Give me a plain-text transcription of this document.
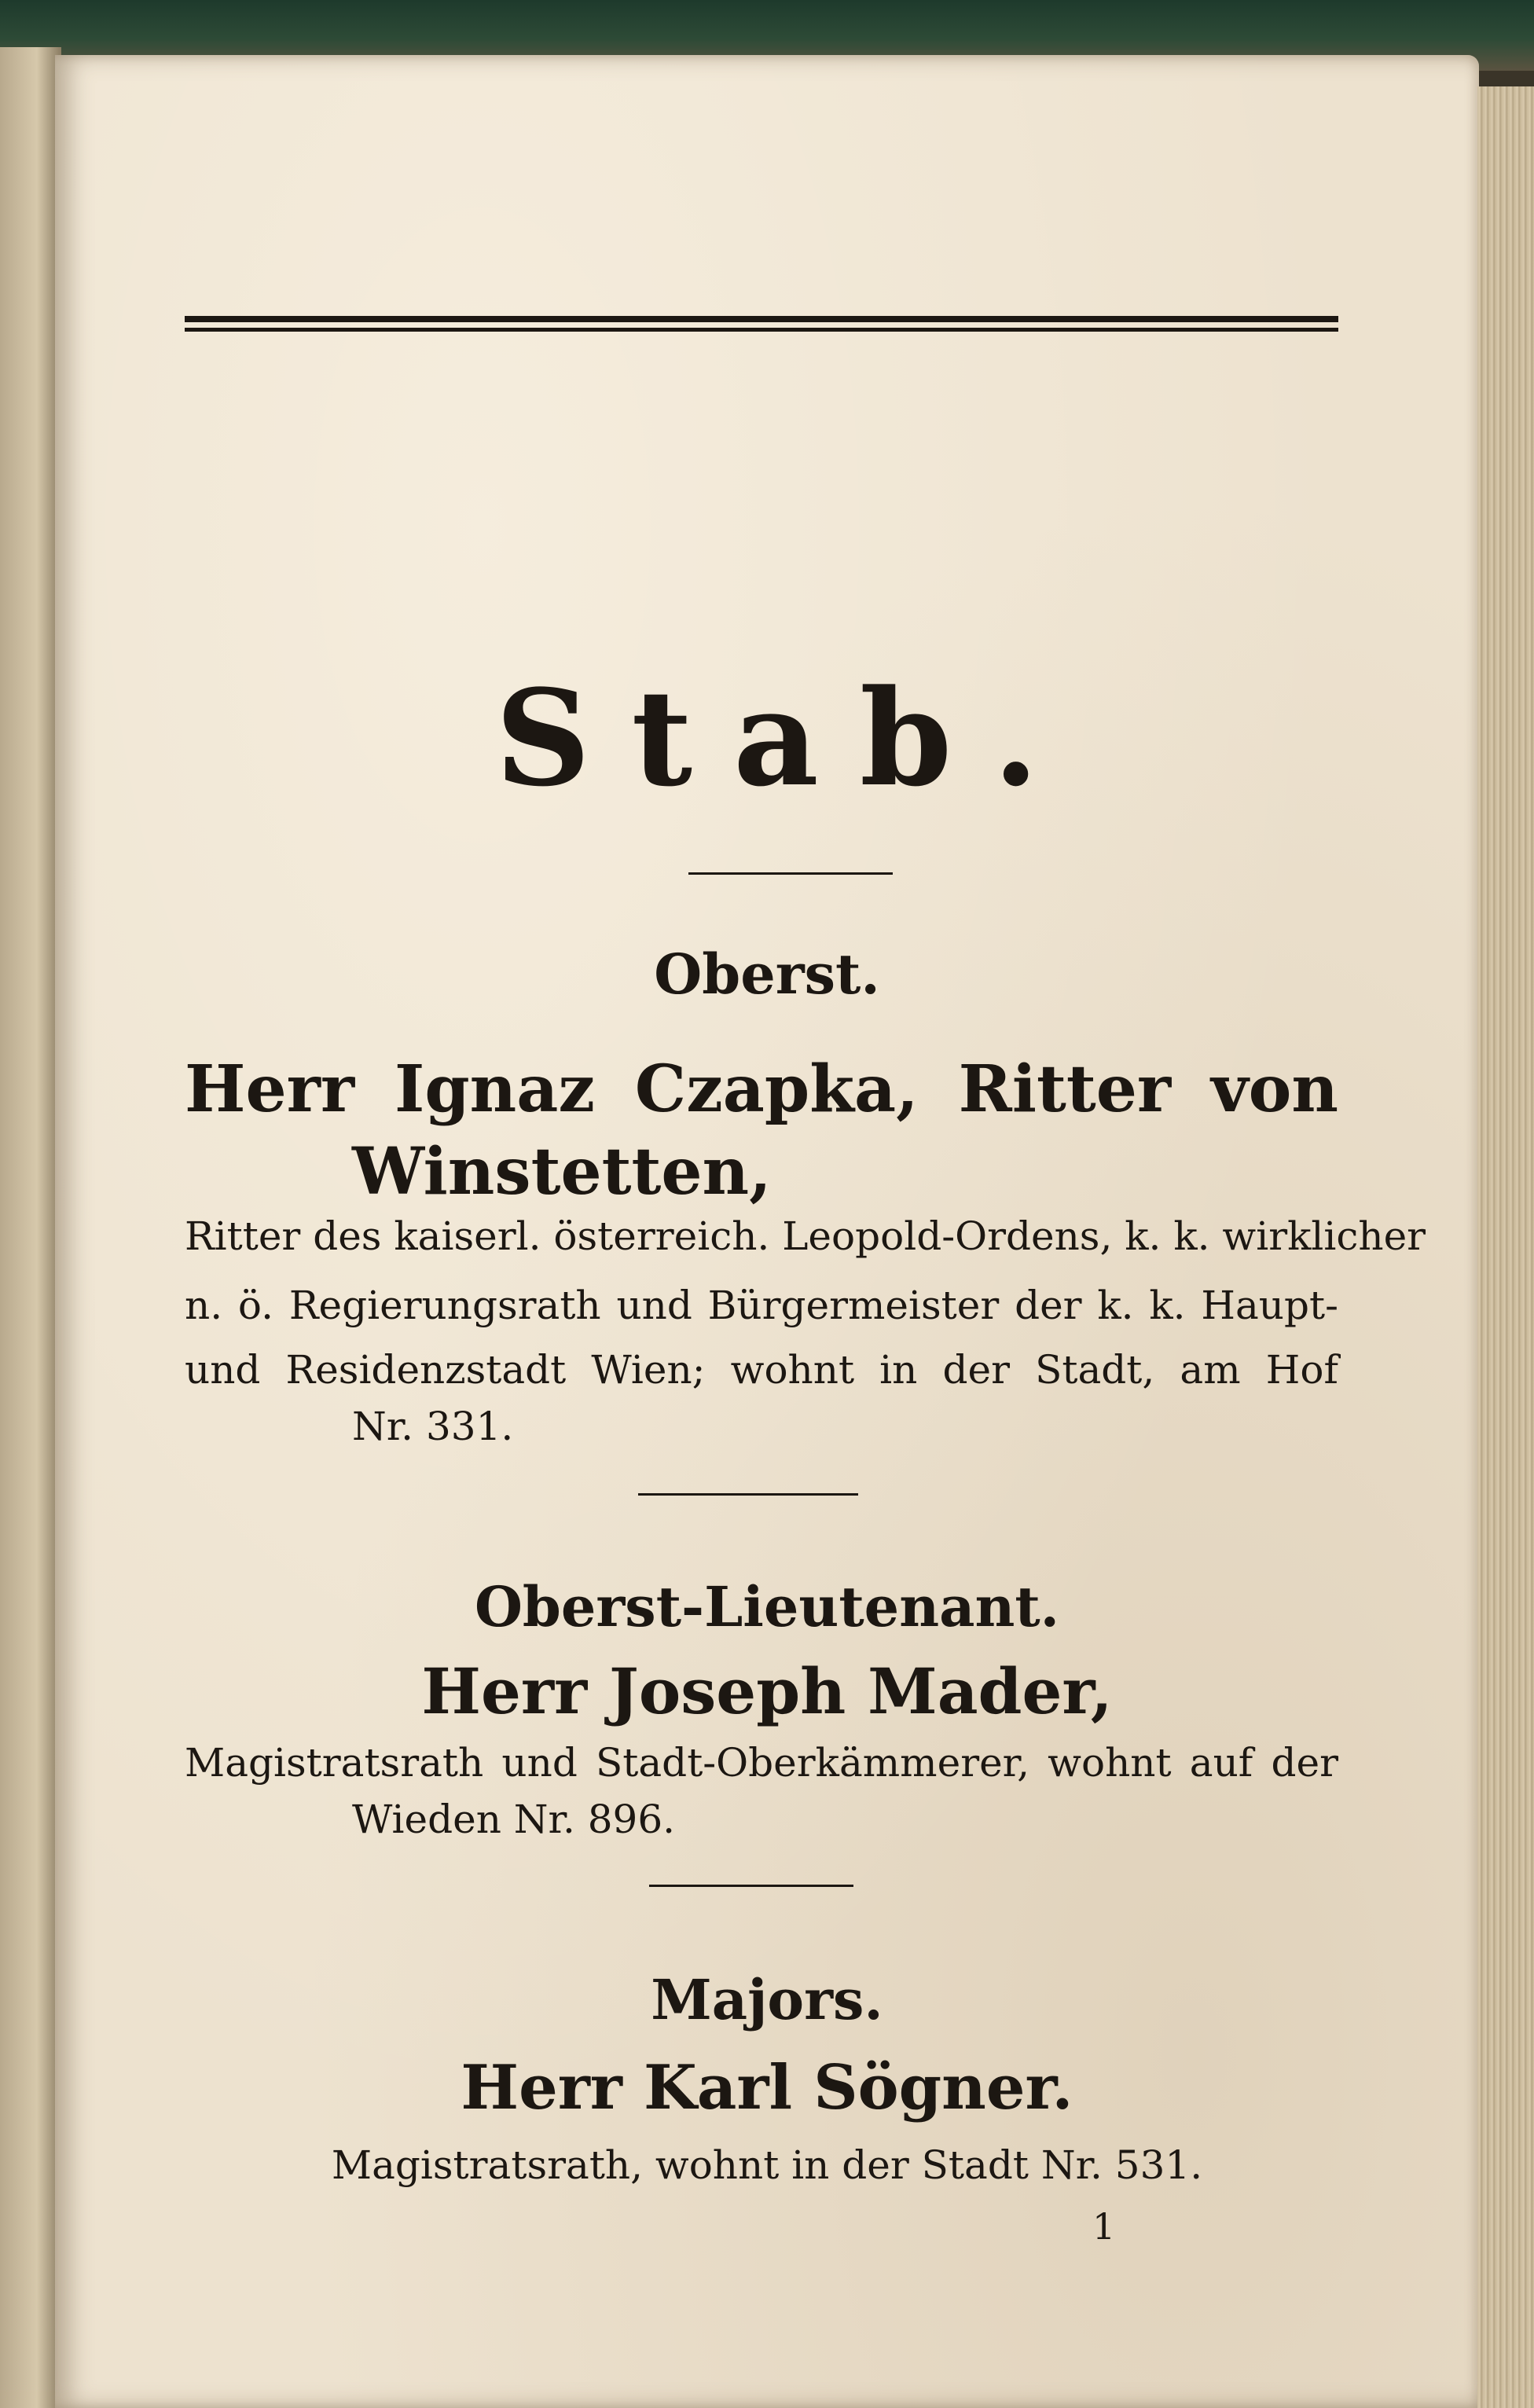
Stab.
Oberst.
Herr Ignaz Czapka, Ritter von
Winstetten,
Ritter des kaiserl. österreich. Leopold-Ordens, k. k. wirklicher
n. ö. Regierungsrath und Bürgermeister der k. k. Haupt-
und Residenzstadt Wien; wohnt in der Stadt, am Hof
Nr. 331.
Oberst-Lieutenant.
Herr Joseph Mader,
Magistratsrath und Stadt-Oberkämmerer, wohnt auf der
Wieden Nr. 896.
Majors.
Herr Karl Sögner.
Magistratsrath, wohnt in der Stadt Nr. 531.
1
